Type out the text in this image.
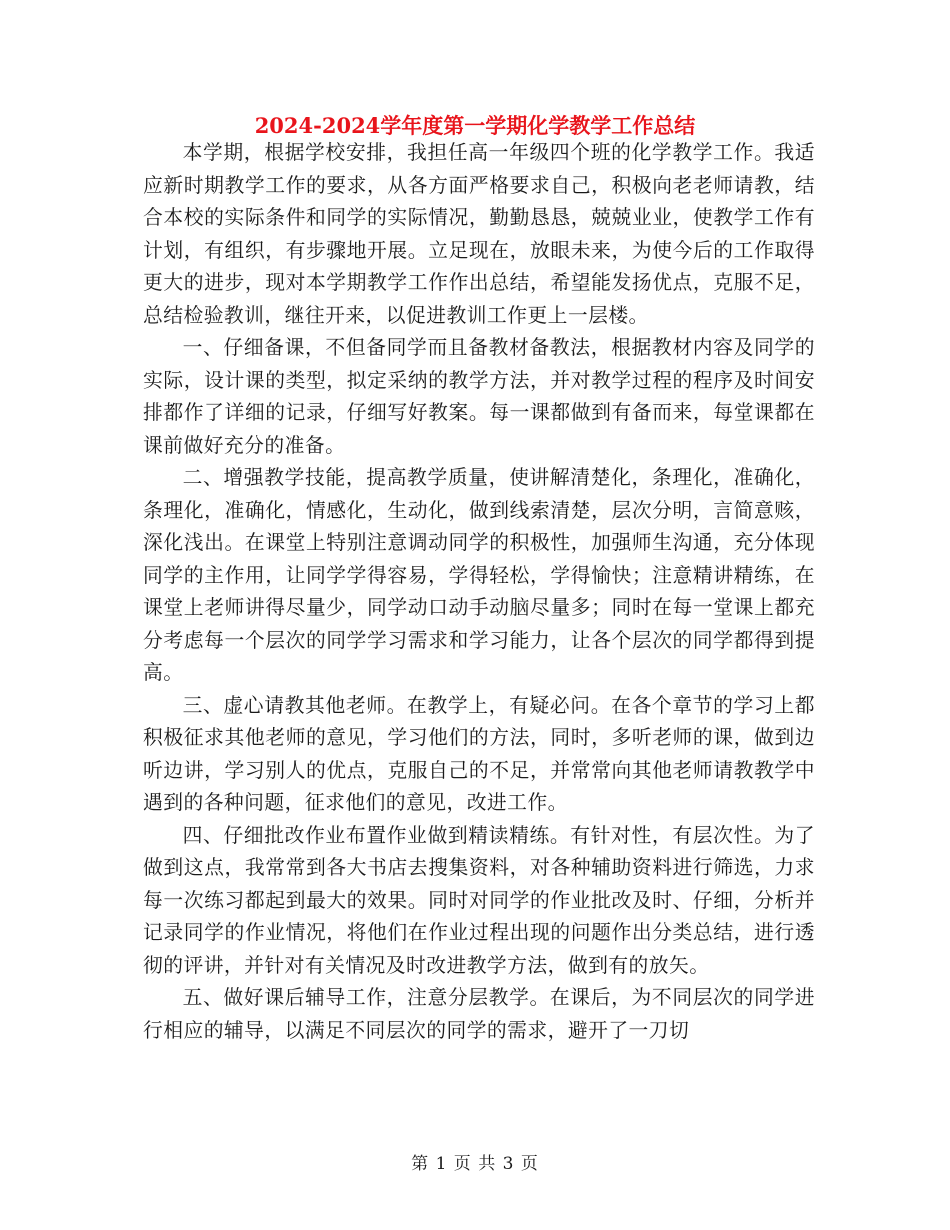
2024-2024学年度第一学期化学教学工作总结

本学期，根据学校安排，我担任高一年级四个班的化学教学工作。我适应新时期教学工作的要求，从各方面严格要求自己，积极向老老师请教，结合本校的实际条件和同学的实际情况，勤勤恳恳，兢兢业业，使教学工作有计划，有组织，有步骤地开展。立足现在，放眼未来，为使今后的工作取得更大的进步，现对本学期教学工作作出总结，希望能发扬优点，克服不足，总结检验教训，继往开来，以促进教训工作更上一层楼。

一、仔细备课，不但备同学而且备教材备教法，根据教材内容及同学的实际，设计课的类型，拟定采纳的教学方法，并对教学过程的程序及时间安排都作了详细的记录，仔细写好教案。每一课都做到有备而来，每堂课都在课前做好充分的准备。

二、增强教学技能，提高教学质量，使讲解清楚化，条理化，准确化，条理化，准确化，情感化，生动化，做到线索清楚，层次分明，言简意赅，深化浅出。在课堂上特别注意调动同学的积极性，加强师生沟通，充分体现同学的主作用，让同学学得容易，学得轻松，学得愉快；注意精讲精练，在课堂上老师讲得尽量少，同学动口动手动脑尽量多；同时在每一堂课上都充分考虑每一个层次的同学学习需求和学习能力，让各个层次的同学都得到提高。

三、虚心请教其他老师。在教学上，有疑必问。在各个章节的学习上都积极征求其他老师的意见，学习他们的方法，同时，多听老师的课，做到边听边讲，学习别人的优点，克服自己的不足，并常常向其他老师请教教学中遇到的各种问题，征求他们的意见，改进工作。

四、仔细批改作业布置作业做到精读精练。有针对性，有层次性。为了做到这点，我常常到各大书店去搜集资料，对各种辅助资料进行筛选，力求每一次练习都起到最大的效果。同时对同学的作业批改及时、仔细，分析并记录同学的作业情况，将他们在作业过程出现的问题作出分类总结，进行透彻的评讲，并针对有关情况及时改进教学方法，做到有的放矢。

五、做好课后辅导工作，注意分层教学。在课后，为不同层次的同学进行相应的辅导，以满足不同层次的同学的需求，避开了一刀切

第 1 页 共 3 页
